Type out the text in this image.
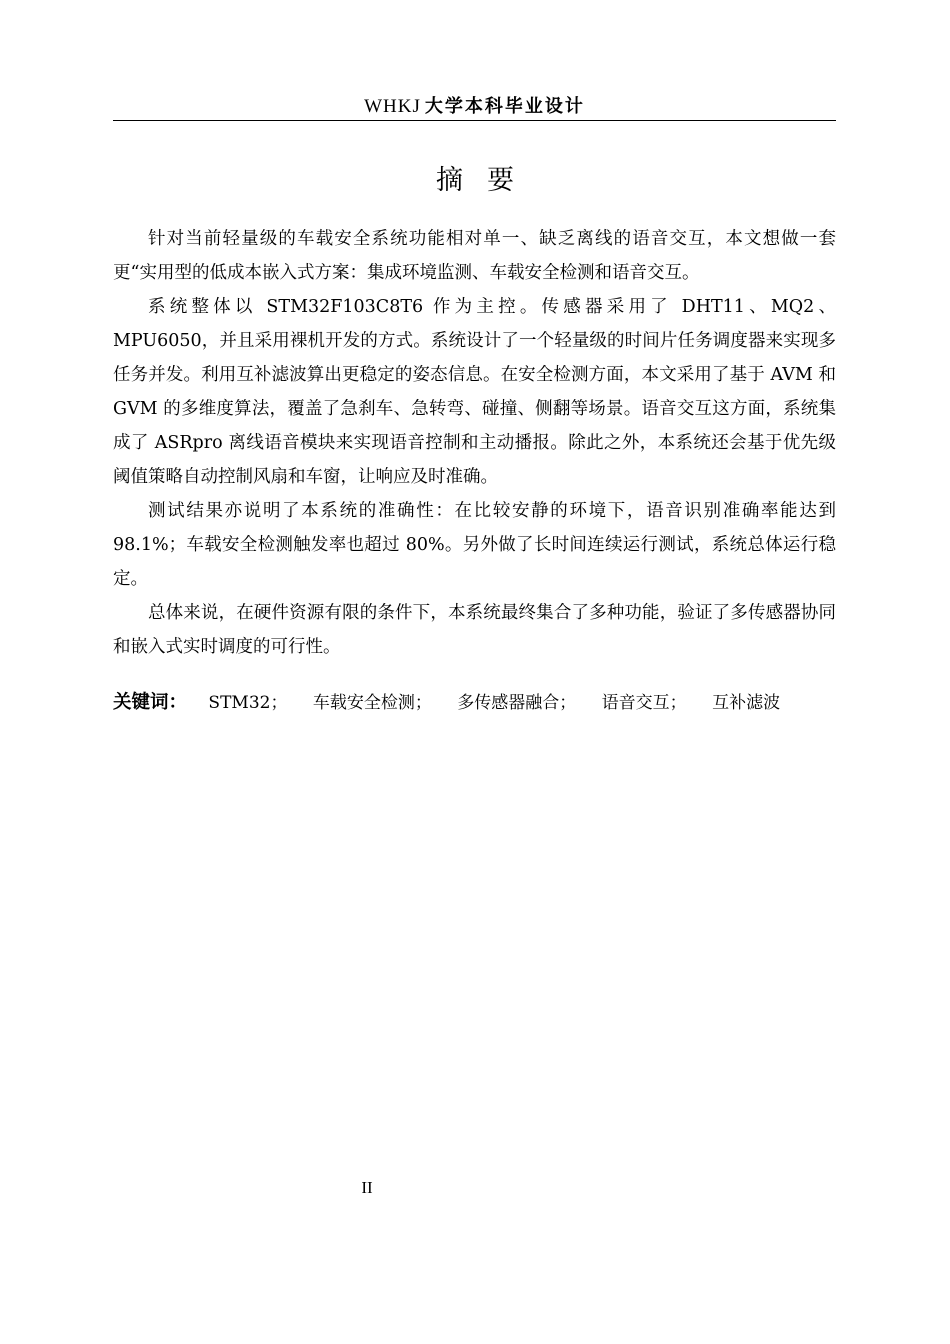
WHKJ 大学本科毕业设计
摘要

针对当前轻量级的车载安全系统功能相对单一、缺乏离线的语音交互，本文想做一套更“实用型的低成本嵌入式方案：集成环境监测、车载安全检测和语音交互。

系统整体以 STM32F103C8T6 作为主控。传感器采用了 DHT11、MQ2、MPU6050，并且采用裸机开发的方式。系统设计了一个轻量级的时间片任务调度器来实现多任务并发。利用互补滤波算出更稳定的姿态信息。在安全检测方面，本文采用了基于 AVM 和 GVM 的多维度算法，覆盖了急刹车、急转弯、碰撞、侧翻等场景。语音交互这方面，系统集成了 ASRpro 离线语音模块来实现语音控制和主动播报。除此之外，本系统还会基于优先级阈值策略自动控制风扇和车窗，让响应及时准确。

测试结果亦说明了本系统的准确性：在比较安静的环境下，语音识别准确率能达到 98.1%；车载安全检测触发率也超过 80%。另外做了长时间连续运行测试，系统总体运行稳定。

总体来说，在硬件资源有限的条件下，本系统最终集合了多种功能，验证了多传感器协同和嵌入式实时调度的可行性。

关键词： STM32； 车载安全检测； 多传感器融合； 语音交互； 互补滤波
II
